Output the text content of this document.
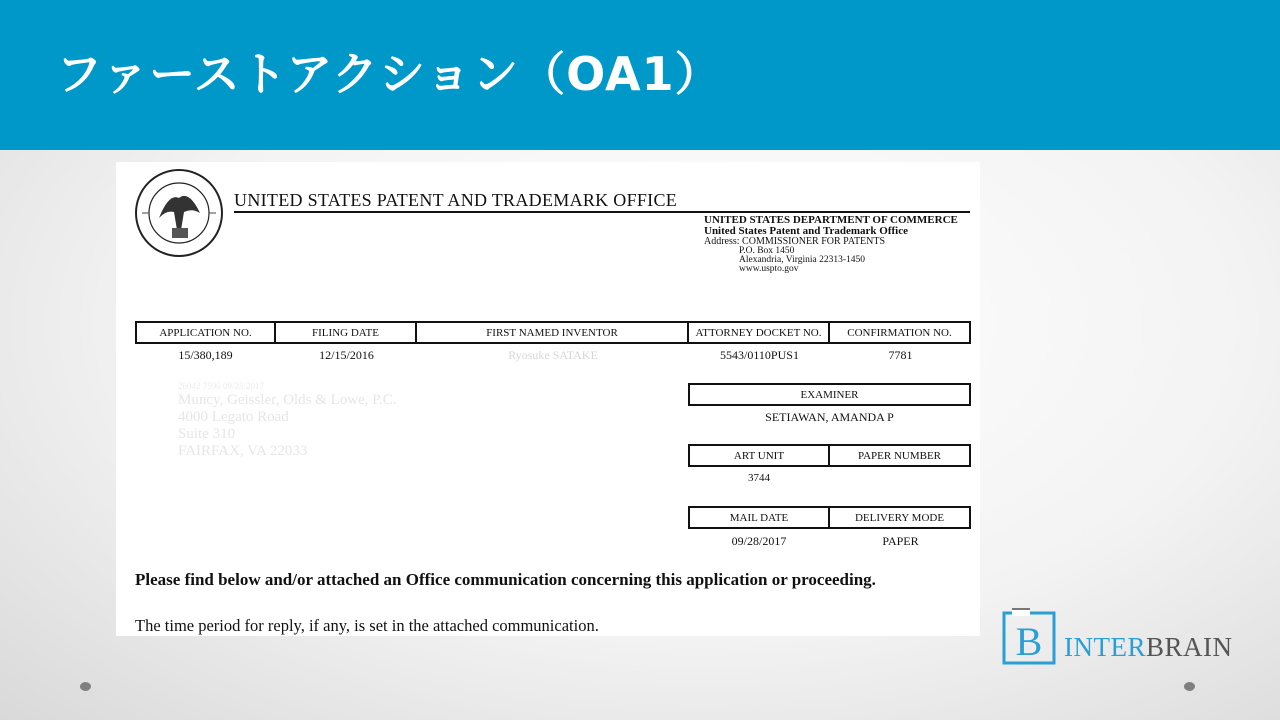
ファーストアクション（OA1）
UNITED STATES PATENT AND TRADEMARK OFFICE
UNITED STATES DEPARTMENT OF COMMERCE
United States Patent and Trademark Office
Address: COMMISSIONER FOR PATENTS
P.O. Box 1450
Alexandria, Virginia 22313-1450
www.uspto.gov
APPLICATION NO.	FILING DATE	FIRST NAMED INVENTOR	ATTORNEY DOCKET NO.	CONFIRMATION NO.
15/380,189	12/15/2016	Ryosuke SATAKE	5543/0110PUS1	7781
26042 7590 09/28/2017
Muncy, Geissler, Olds & Lowe, P.C.
4000 Legato Road
Suite 310
FAIRFAX, VA 22033
EXAMINER
SETIAWAN, AMANDA P
ART UNIT	PAPER NUMBER
3744
MAIL DATE	DELIVERY MODE
09/28/2017	PAPER
Please find below and/or attached an Office communication concerning this application or proceeding.
The time period for reply, if any, is set in the attached communication.	B INTERBRAIN
